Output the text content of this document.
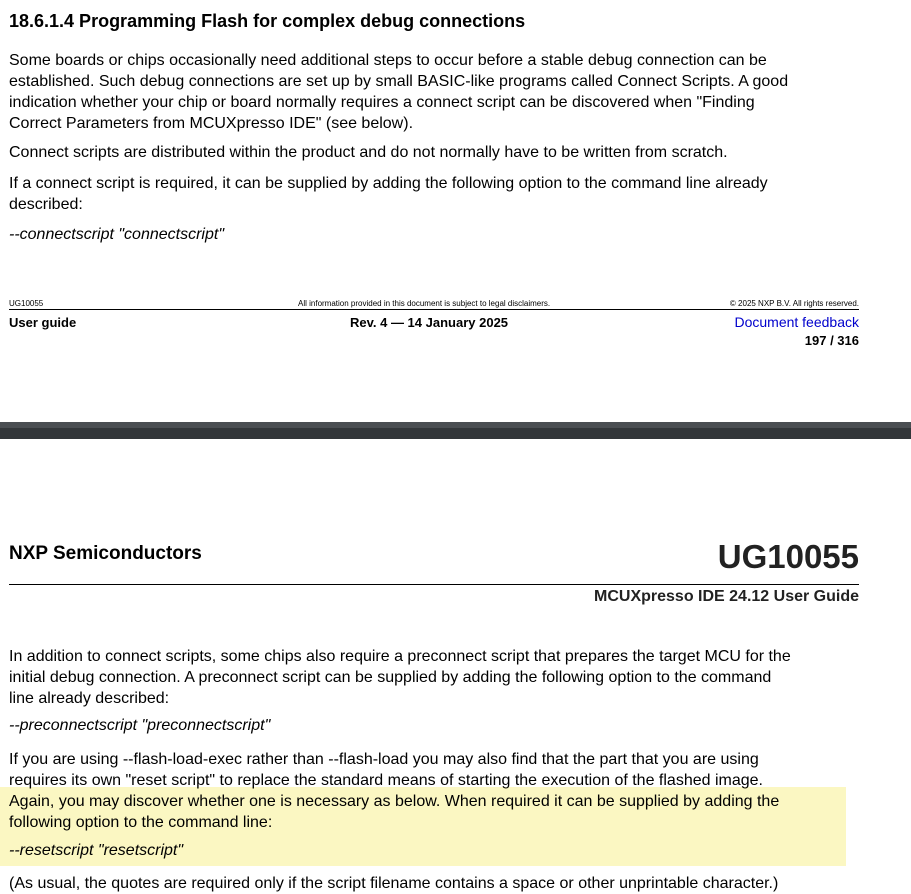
18.6.1.4 Programming Flash for complex debug connections
Some boards or chips occasionally need additional steps to occur before a stable debug connection can be
established. Such debug connections are set up by small BASIC-like programs called Connect Scripts. A good
indication whether your chip or board normally requires a connect script can be discovered when "Finding
Correct Parameters from MCUXpresso IDE" (see below).
Connect scripts are distributed within the product and do not normally have to be written from scratch.
If a connect script is required, it can be supplied by adding the following option to the command line already
described:
--connectscript "connectscript"
UG10055	All information provided in this document is subject to legal disclaimers.	© 2025 NXP B.V. All rights reserved.
User guide	Rev. 4 — 14 January 2025	Document feedback
197 / 316
NXP Semiconductors	UG10055
MCUXpresso IDE 24.12 User Guide
In addition to connect scripts, some chips also require a preconnect script that prepares the target MCU for the
initial debug connection. A preconnect script can be supplied by adding the following option to the command
line already described:
--preconnectscript "preconnectscript"
If you are using --flash-load-exec rather than --flash-load you may also find that the part that you are using
requires its own "reset script" to replace the standard means of starting the execution of the flashed image.
Again, you may discover whether one is necessary as below. When required it can be supplied by adding the
following option to the command line:
--resetscript "resetscript"
(As usual, the quotes are required only if the script filename contains a space or other unprintable character.)
